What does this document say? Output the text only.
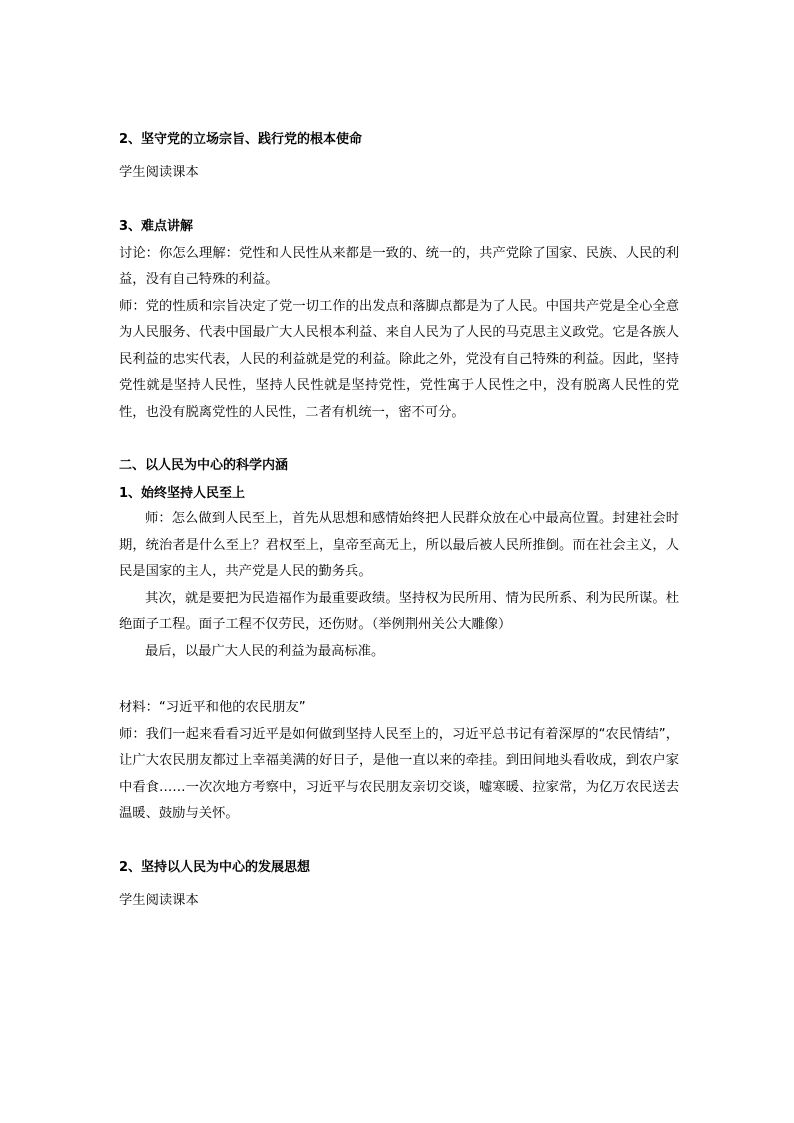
2、坚守党的立场宗旨、践行党的根本使命

学生阅读课本

3、难点讲解

讨论：你怎么理解：党性和人民性从来都是一致的、统一的，共产党除了国家、民族、人民的利益，没有自己特殊的利益。

师：党的性质和宗旨决定了党一切工作的出发点和落脚点都是为了人民。中国共产党是全心全意为人民服务、代表中国最广大人民根本利益、来自人民为了人民的马克思主义政党。它是各族人民利益的忠实代表，人民的利益就是党的利益。除此之外，党没有自己特殊的利益。因此，坚持党性就是坚持人民性，坚持人民性就是坚持党性，党性寓于人民性之中，没有脱离人民性的党性，也没有脱离党性的人民性，二者有机统一，密不可分。

二、以人民为中心的科学内涵

1、始终坚持人民至上

师：怎么做到人民至上，首先从思想和感情始终把人民群众放在心中最高位置。封建社会时期，统治者是什么至上？君权至上，皇帝至高无上，所以最后被人民所推倒。而在社会主义，人民是国家的主人，共产党是人民的勤务兵。

其次，就是要把为民造福作为最重要政绩。坚持权为民所用、情为民所系、利为民所谋。杜绝面子工程。面子工程不仅劳民，还伤财。（举例荆州关公大雕像）

最后，以最广大人民的利益为最高标准。

材料：“习近平和他的农民朋友”

师：我们一起来看看习近平是如何做到坚持人民至上的，习近平总书记有着深厚的“农民情结”，让广大农民朋友都过上幸福美满的好日子，是他一直以来的牵挂。到田间地头看收成，到农户家中看食……一次次地方考察中，习近平与农民朋友亲切交谈，嘘寒暖、拉家常，为亿万农民送去温暖、鼓励与关怀。

2、坚持以人民为中心的发展思想

学生阅读课本
